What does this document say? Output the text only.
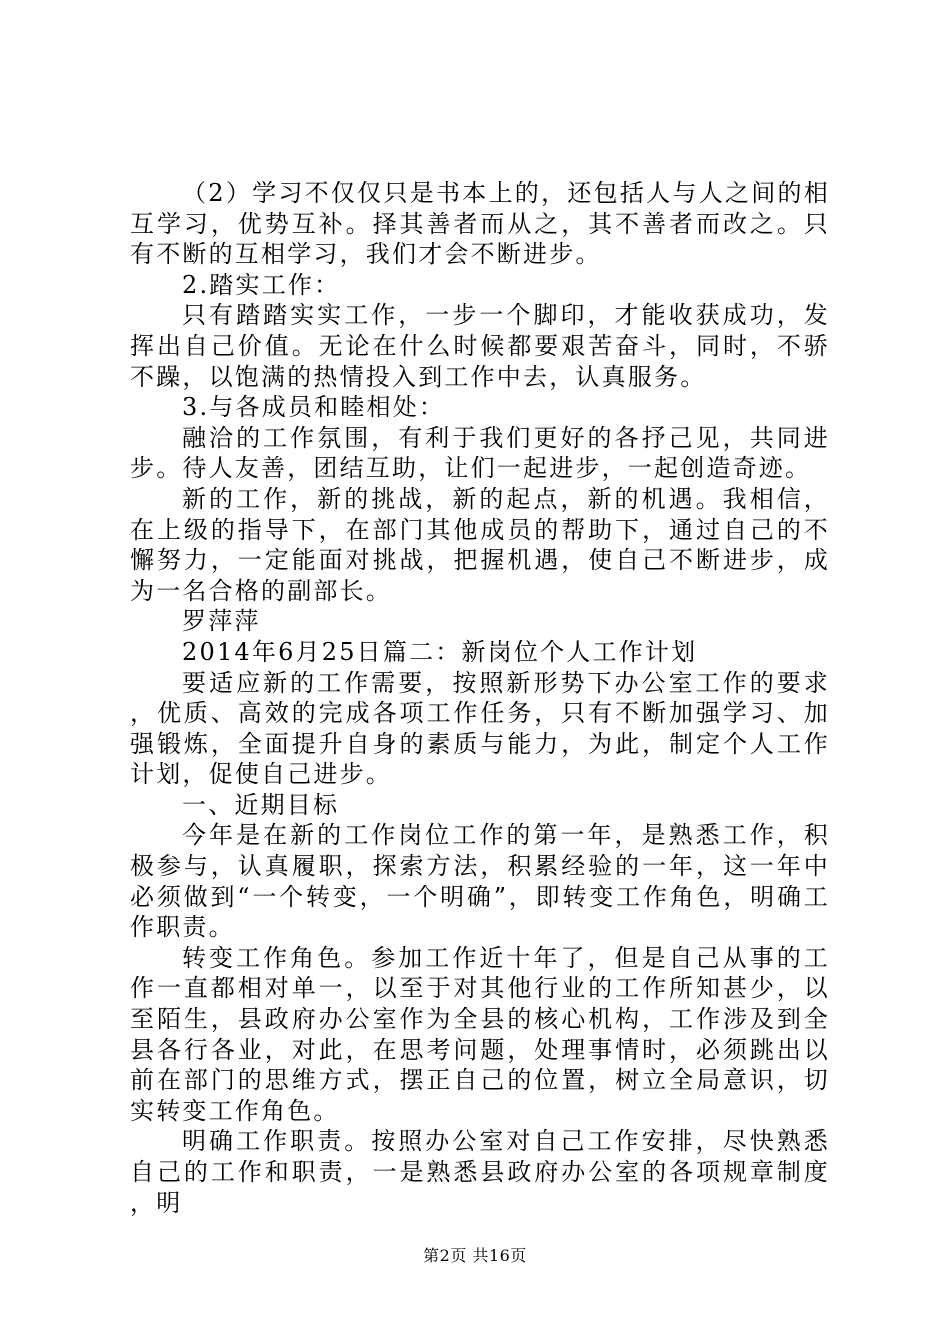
（2）学习不仅仅只是书本上的，还包括人与人之间的相互学习，优势互补。择其善者而从之，其不善者而改之。只有不断的互相学习，我们才会不断进步。

2.踏实工作：

只有踏踏实实工作，一步一个脚印，才能收获成功，发挥出自己价值。无论在什么时候都要艰苦奋斗，同时，不骄不躁，以饱满的热情投入到工作中去，认真服务。

3.与各成员和睦相处：

融洽的工作氛围，有利于我们更好的各抒己见，共同进步。待人友善，团结互助，让们一起进步，一起创造奇迹。

新的工作，新的挑战，新的起点，新的机遇。我相信，在上级的指导下，在部门其他成员的帮助下，通过自己的不懈努力，一定能面对挑战，把握机遇，使自己不断进步，成为一名合格的副部长。

罗萍萍

2014年6月25日篇二：新岗位个人工作计划

要适应新的工作需要，按照新形势下办公室工作的要求，优质、高效的完成各项工作任务，只有不断加强学习、加强锻炼，全面提升自身的素质与能力，为此，制定个人工作计划，促使自己进步。

一、近期目标

今年是在新的工作岗位工作的第一年，是熟悉工作，积极参与，认真履职，探索方法，积累经验的一年，这一年中必须做到“一个转变，一个明确”，即转变工作角色，明确工作职责。

转变工作角色。参加工作近十年了，但是自己从事的工作一直都相对单一，以至于对其他行业的工作所知甚少，以至陌生，县政府办公室作为全县的核心机构，工作涉及到全县各行各业，对此，在思考问题，处理事情时，必须跳出以前在部门的思维方式，摆正自己的位置，树立全局意识，切实转变工作角色。

明确工作职责。按照办公室对自己工作安排，尽快熟悉自己的工作和职责，一是熟悉县政府办公室的各项规章制度，明

第2页 共16页
